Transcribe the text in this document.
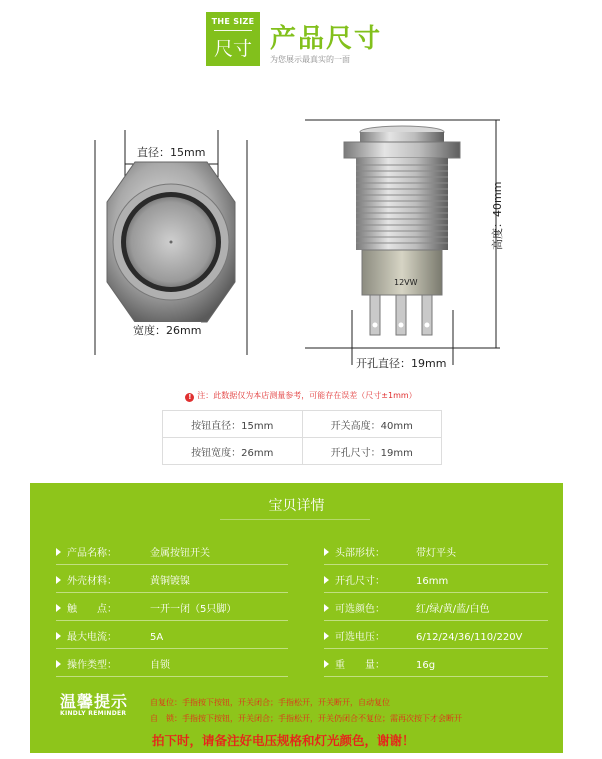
THE SIZE
尺寸 产品尺寸
为您展示最真实的一面
直径：15mm
宽度：26mm
高度：40mm
12VW
开孔直径：19mm
! 注：此数据仅为本店测量参考，可能存在误差（尺寸±1mm）
按钮直径：15mm	开关高度：40mm
按钮宽度：26mm	开孔尺寸：19mm
宝贝详情
产品名称：	金属按钮开关	头部形状：	带灯平头
外壳材料：	黄铜镀镍	开孔尺寸：	16mm
触　　点：	一开一闭（5只脚）	可选颜色：	红/绿/黄/蓝/白色
最大电流：	5A	可选电压：	6/12/24/36/110/220V
操作类型：	自锁	重　　量：	16g
温馨提示
KINDLY REMINDER
自复位：手指按下按钮，开关闭合；手指松开，开关断开，自动复位
自　锁：手指按下按钮，开关闭合；手指松开，开关仍闭合不复位；需再次按下才会断开
拍下时，请备注好电压规格和灯光颜色，谢谢！
